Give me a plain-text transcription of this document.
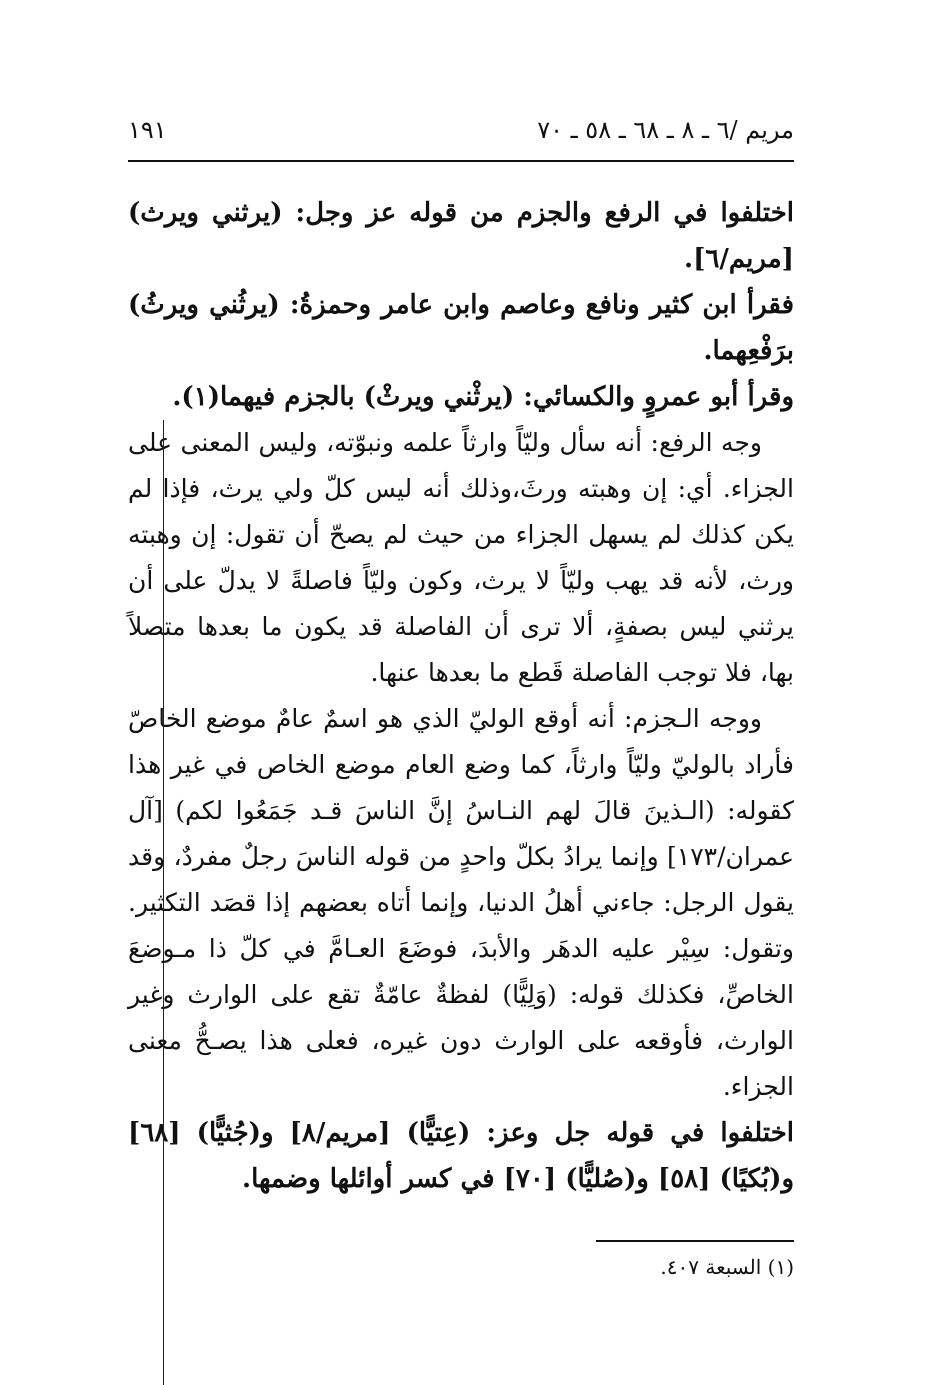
مريم /٦ ـ ٨ ـ ٦٨ ـ ٥٨ ـ ٧٠
١٩١

اختلفوا في الرفع والجزم من قوله عز وجل: (يرثني ويرث) [مريم/٦].

فقرأ ابن كثير ونافع وعاصم وابن عامر وحمزةُ: (يرثُني ويرثُ) برَفْعِهما.

وقرأ أبو عمروٍ والكسائي: (يرثْني ويرثْ) بالجزم فيهما(١).

وجه الرفع: أنه سأل وليّاً وارثاً علمه ونبوّته، وليس المعنى على الجزاء. أي: إن وهبته ورثَ،وذلك أنه ليس كلّ ولي يرث، فإذا لم يكن كذلك لم يسهل الجزاء من حيث لم يصحّ أن تقول: إن وهبته ورث، لأنه قد يهب وليّاً لا يرث، وكون وليّاً فاصلةً لا يدلّ على أن يرثني ليس بصفةٍ، ألا ترى أن الفاصلة قد يكون ما بعدها متصلاً بها، فلا توجب الفاصلة قَطع ما بعدها عنها.

ووجه الـجزم: أنه أوقع الوليّ الذي هو اسمٌ عامٌ موضع الخاصّ فأراد بالوليّ وليّاً وارثاً، كما وضع العام موضع الخاص في غير هذا كقوله: (الـذينَ قالَ لهم النـاسُ إنَّ الناسَ قـد جَمَعُوا لكم) [آل عمران/١٧٣] وإنما يرادُ بكلّ واحدٍ من قوله الناسَ رجلٌ مفردٌ، وقد يقول الرجل: جاءني أهلُ الدنيا، وإنما أتاه بعضهم إذا قصَد التكثير. وتقول: سِيْر عليه الدهَر والأبدَ، فوضَعَ العـامَّ في كلّ ذا مـوضعَ الخاصِّ، فكذلك قوله: (وَلِيًّا) لفظةٌ عامّةٌ تقع على الوارث وغير الوارث، فأوقعه على الوارث دون غيره، فعلى هذا يصـحُّ معنى الجزاء.

اختلفوا في قوله جل وعز: (عِتيًّا) [مريم/٨] و(جُثيًّا) [٦٨] و(بُكيًا) [٥٨] و(صُليًّا) [٧٠] في كسر أوائلها وضمها.

(١) السبعة ٤٠٧.
